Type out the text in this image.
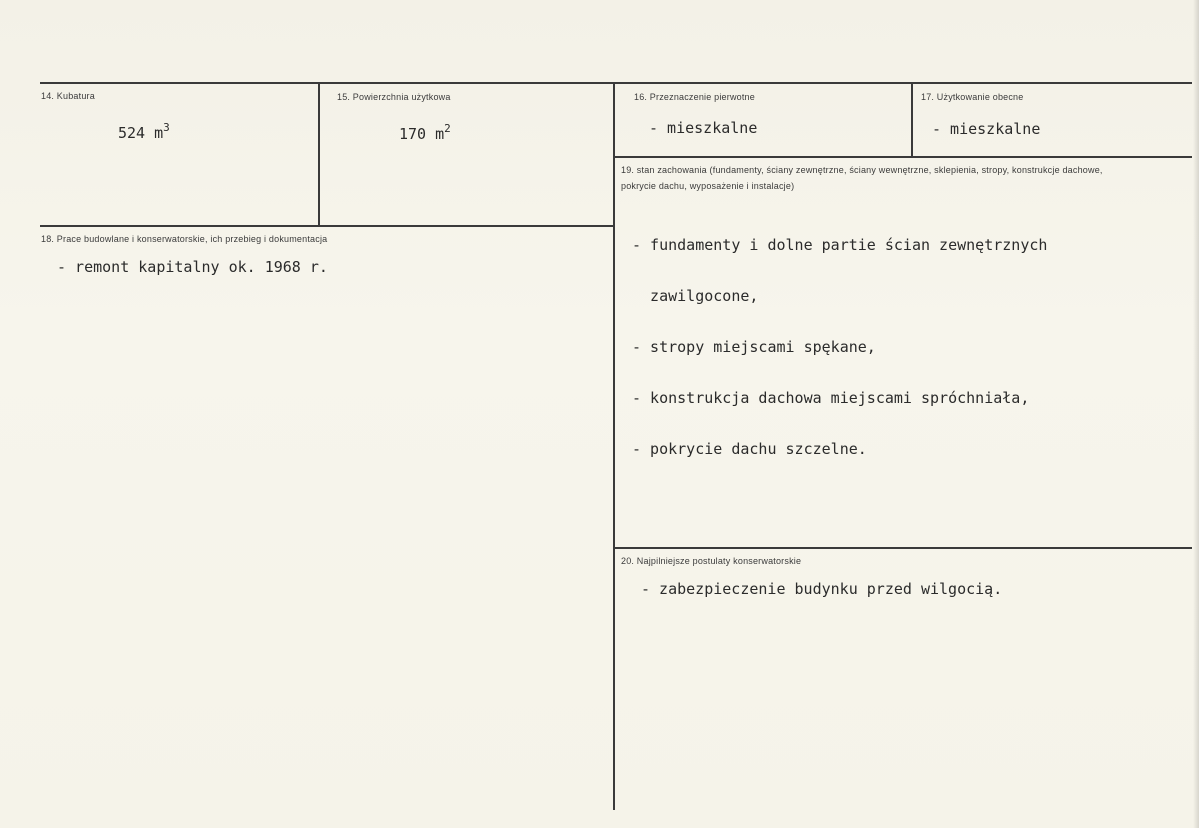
14. Kubatura
524 $m^3$
15. Powierzchnia użytkowa
170 $m^2$
16. Przeznaczenie pierwotne
- mieszkalne
17. Użytkowanie obecne
- mieszkalne
18. Prace budowlane i konserwatorskie, ich przebieg i dokumentacja
- remont kapitalny ok. 1968 r.
19. stan zachowania (fundamenty, ściany zewnętrzne, ściany wewnętrzne, sklepienia, stropy, konstrukcje dachowe, pokrycie dachu, wyposażenie i instalacje)

- fundamenty i dolne partie ścian zewnętrznych

zawilgocone,

- stropy miejscami spękane,

- konstrukcja dachowa miejscami spróchniała,

- pokrycie dachu szczelne.

20. Najpilniejsze postulaty konserwatorskie
- zabezpieczenie budynku przed wilgocią.
